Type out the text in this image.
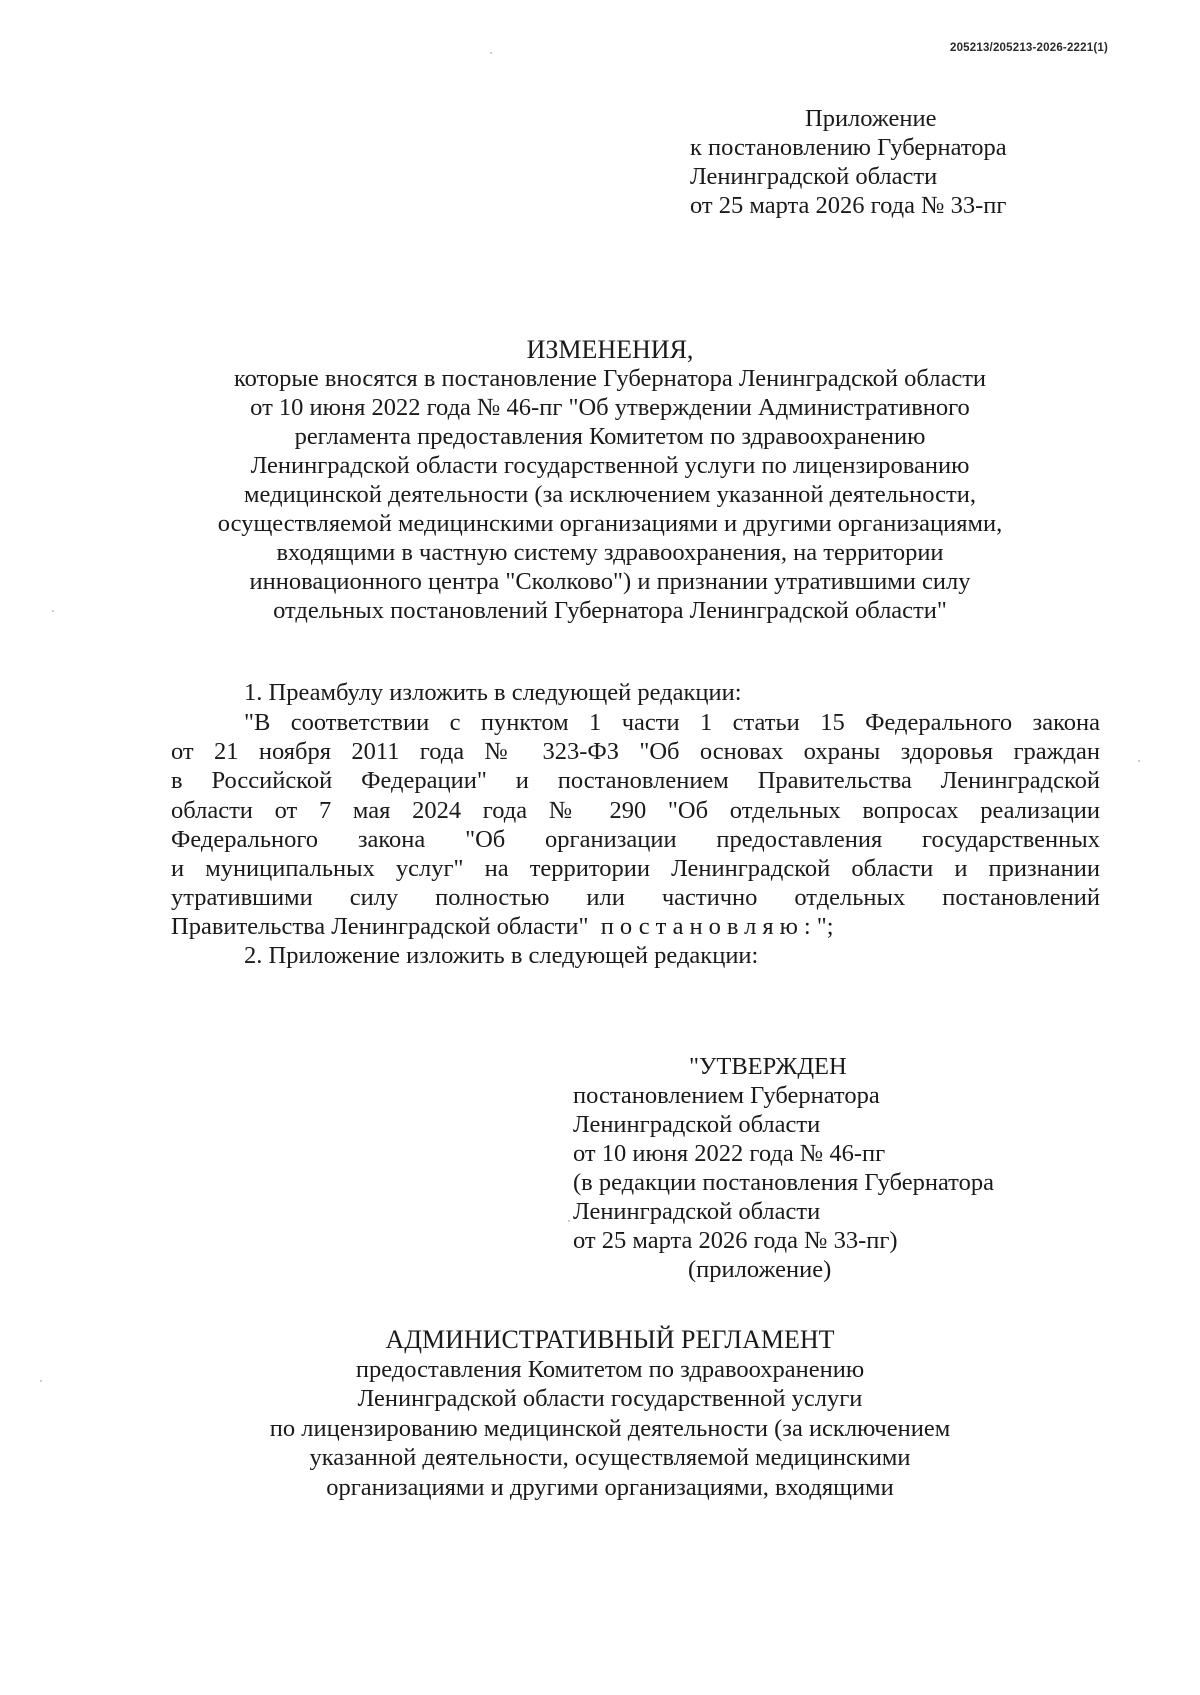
205213/205213-2026-2221(1)
Приложение
к постановлению Губернатора
Ленинградской области
от 25 марта 2026 года № 33-пг
ИЗМЕНЕНИЯ,
которые вносятся в постановление Губернатора Ленинградской области
от 10 июня 2022 года № 46-пг "Об утверждении Административного
регламента предоставления Комитетом по здравоохранению
Ленинградской области государственной услуги по лицензированию
медицинской деятельности (за исключением указанной деятельности,
осуществляемой медицинскими организациями и другими организациями,
входящими в частную систему здравоохранения, на территории
инновационного центра "Сколково") и признании утратившими силу
отдельных постановлений Губернатора Ленинградской области"
1. Преамбулу изложить в следующей редакции:
"В соответствии с пунктом 1 части 1 статьи 15 Федерального закона
от 21 ноября 2011 года № 323-ФЗ "Об основах охраны здоровья граждан
в Российской Федерации" и постановлением Правительства Ленинградской
области от 7 мая 2024 года № 290 "Об отдельных вопросах реализации
Федерального закона "Об организации предоставления государственных
и муниципальных услуг" на территории Ленинградской области и признании
утратившими силу полностью или частично отдельных постановлений
Правительства Ленинградской области" постановляю:";
2. Приложение изложить в следующей редакции:
"УТВЕРЖДЕН
постановлением Губернатора
Ленинградской области
от 10 июня 2022 года № 46-пг
(в редакции постановления Губернатора
Ленинградской области
от 25 марта 2026 года № 33-пг)
(приложение)
АДМИНИСТРАТИВНЫЙ РЕГЛАМЕНТ
предоставления Комитетом по здравоохранению
Ленинградской области государственной услуги
по лицензированию медицинской деятельности (за исключением
указанной деятельности, осуществляемой медицинскими
организациями и другими организациями, входящими
